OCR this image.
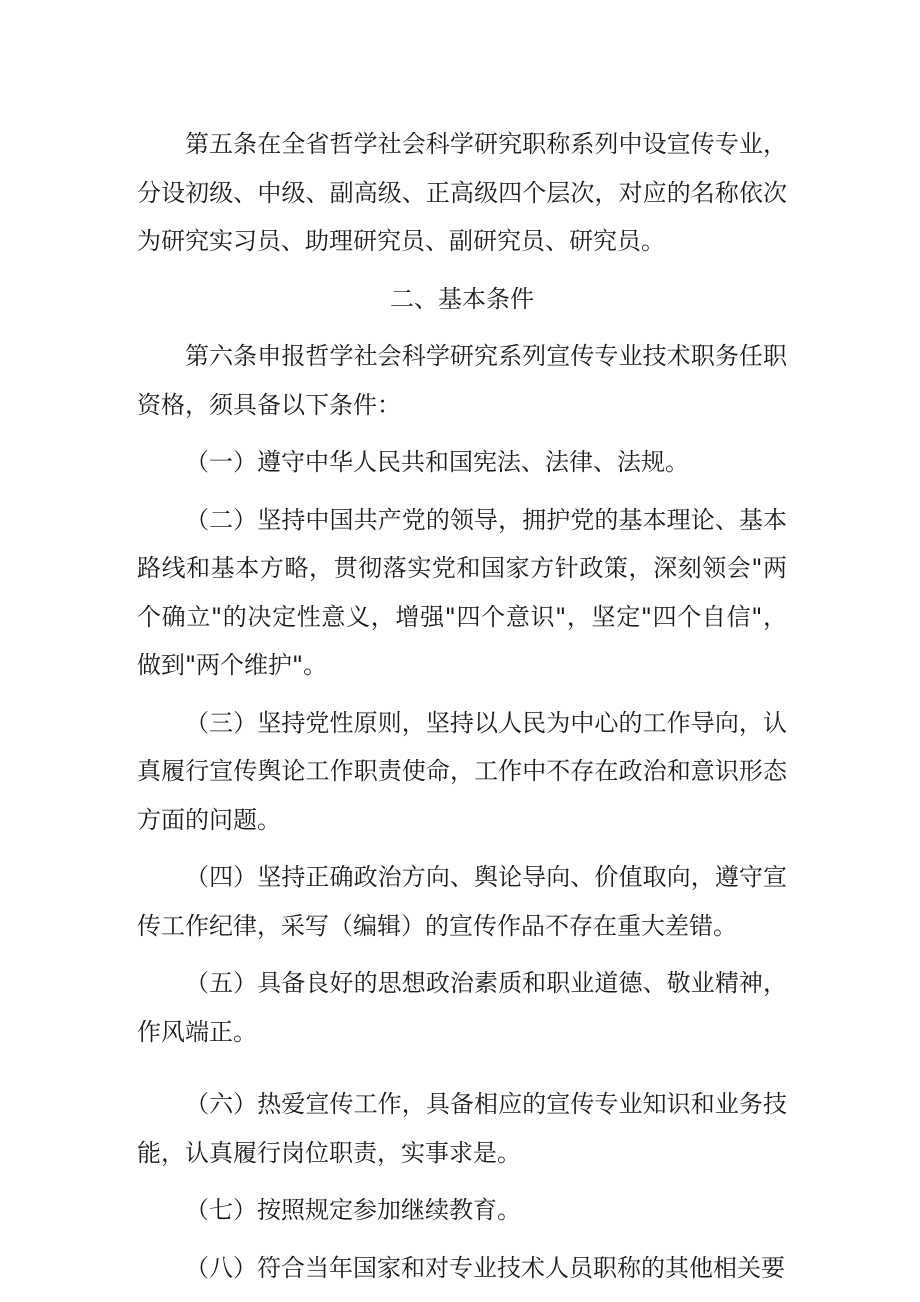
第五条在全省哲学社会科学研究职称系列中设宣传专业，分设初级、中级、副高级、正高级四个层次，对应的名称依次为研究实习员、助理研究员、副研究员、研究员。

二、基本条件

第六条申报哲学社会科学研究系列宣传专业技术职务任职资格，须具备以下条件：

（一）遵守中华人民共和国宪法、法律、法规。

（二）坚持中国共产党的领导，拥护党的基本理论、基本路线和基本方略，贯彻落实党和国家方针政策，深刻领会"两个确立"的决定性意义，增强"四个意识"，坚定"四个自信"，做到"两个维护"。

（三）坚持党性原则，坚持以人民为中心的工作导向，认真履行宣传舆论工作职责使命，工作中不存在政治和意识形态方面的问题。

（四）坚持正确政治方向、舆论导向、价值取向，遵守宣传工作纪律，采写（编辑）的宣传作品不存在重大差错。

（五）具备良好的思想政治素质和职业道德、敬业精神，作风端正。

（六）热爱宣传工作，具备相应的宣传专业知识和业务技能，认真履行岗位职责，实事求是。

（七）按照规定参加继续教育。

（八）符合当年国家和对专业技术人员职称的其他相关要
